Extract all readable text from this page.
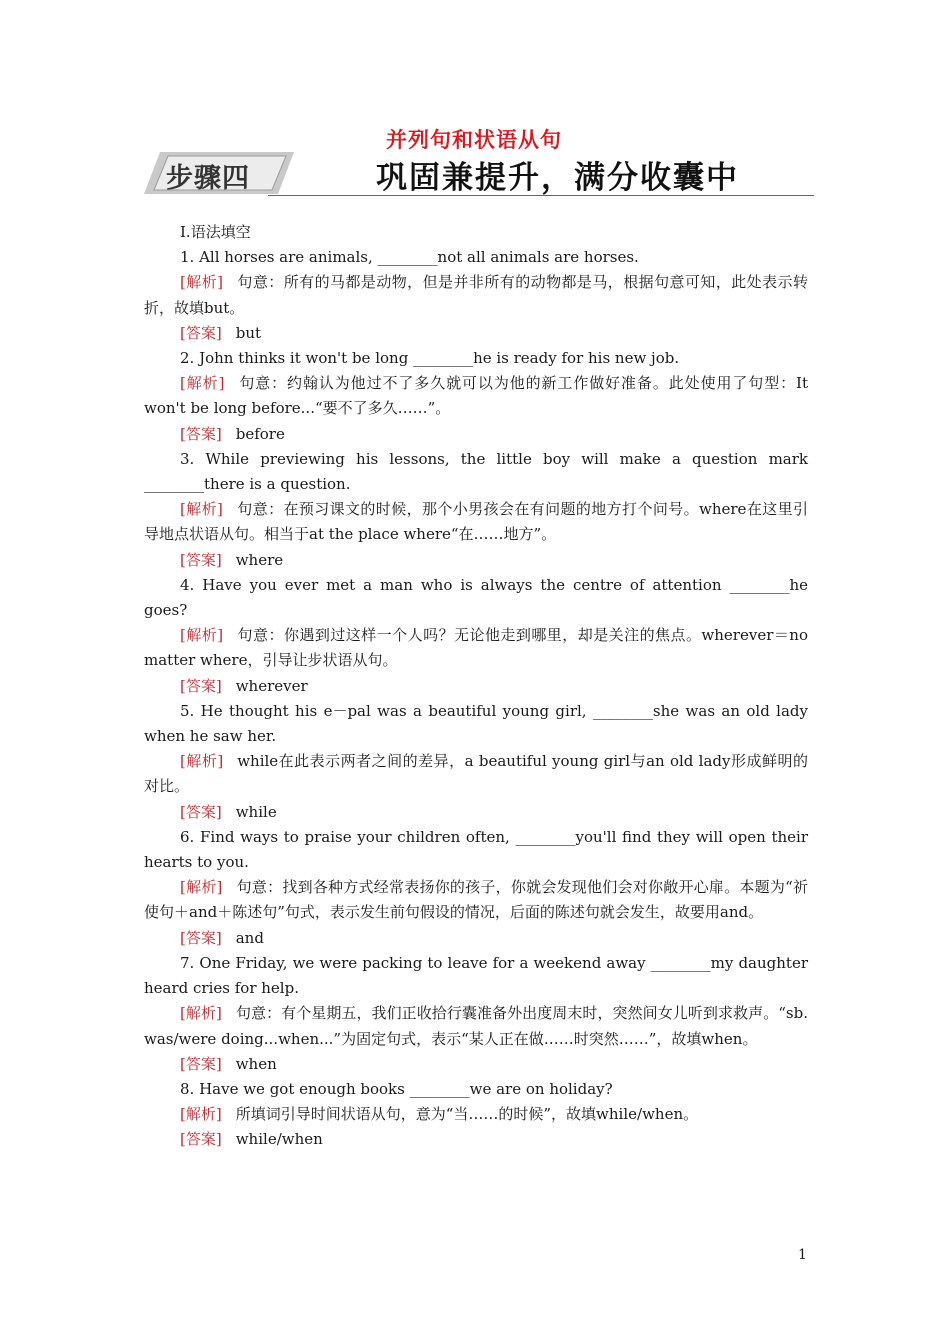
并列句和状语从句
步骤四	巩固兼提升，满分收囊中

Ⅰ.语法填空

1. All horses are animals, ________not all animals are horses.

[解析] 句意：所有的马都是动物，但是并非所有的动物都是马，根据句意可知，此处表示转折，故填but。

[答案] but

2. John thinks it won't be long ________he is ready for his new job.

[解析] 句意：约翰认为他过不了多久就可以为他的新工作做好准备。此处使用了句型：It won't be long before...“要不了多久……”。

[答案] before

3. While previewing his lessons, the little boy will make a question mark ________there is a question.

[解析] 句意：在预习课文的时候，那个小男孩会在有问题的地方打个问号。where在这里引导地点状语从句。相当于at the place where“在……地方”。

[答案] where

4. Have you ever met a man who is always the centre of attention ________he goes?

[解析] 句意：你遇到过这样一个人吗？无论他走到哪里，却是关注的焦点。wherever＝no matter where，引导让步状语从句。

[答案] wherever

5. He thought his e－pal was a beautiful young girl, ________she was an old lady when he saw her.

[解析] while在此表示两者之间的差异，a beautiful young girl与an old lady形成鲜明的对比。

[答案] while

6. Find ways to praise your children often, ________you'll find they will open their hearts to you.

[解析] 句意：找到各种方式经常表扬你的孩子，你就会发现他们会对你敞开心扉。本题为“祈使句＋and＋陈述句”句式，表示发生前句假设的情况，后面的陈述句就会发生，故要用and。

[答案] and

7. One Friday, we were packing to leave for a weekend away ________my daughter heard cries for help.

[解析] 句意：有个星期五，我们正收拾行囊准备外出度周末时，突然间女儿听到求救声。“sb. was/were doing...when...”为固定句式，表示“某人正在做……时突然……”，故填when。

[答案] when

8. Have we got enough books ________we are on holiday?

[解析] 所填词引导时间状语从句，意为“当……的时候”，故填while/when。

[答案] while/when

1
